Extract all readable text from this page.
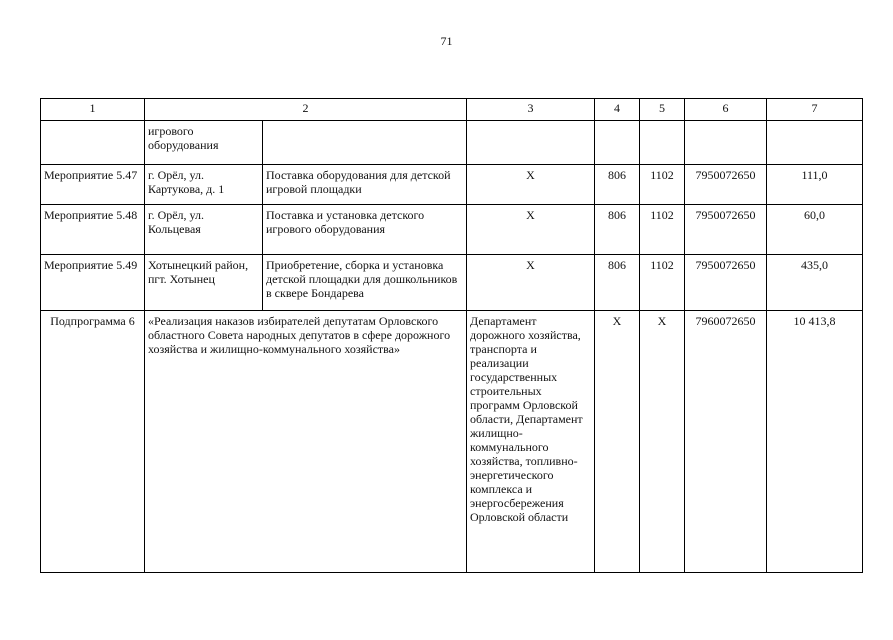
71
1	2		3	4	5	6	7
	игрового оборудования						
Мероприятие 5.47	г. Орёл, ул. Картукова, д. 1	Поставка оборудования для детской игровой площадки	X	806	1102	7950072650	111,0
Мероприятие 5.48	г. Орёл, ул. Кольцевая	Поставка и установка детского игрового оборудования	X	806	1102	7950072650	60,0
Мероприятие 5.49	Хотынецкий район, пгт. Хотынец	Приобретение, сборка и установка детской площадки для дошкольников в сквере Бондарева	X	806	1102	7950072650	435,0
Подпрограмма 6	«Реализация наказов избирателей депутатам Орловского областного Совета народных депутатов в сфере дорожного хозяйства и жилищно-коммунального хозяйства»		Департамент дорожного хозяйства, транспорта и реализации государственных строительных программ Орловской области, Департамент жилищно-коммунального хозяйства, топливно-энергетического комплекса и энергосбережения Орловской области	X	X	7960072650	10 413,8
